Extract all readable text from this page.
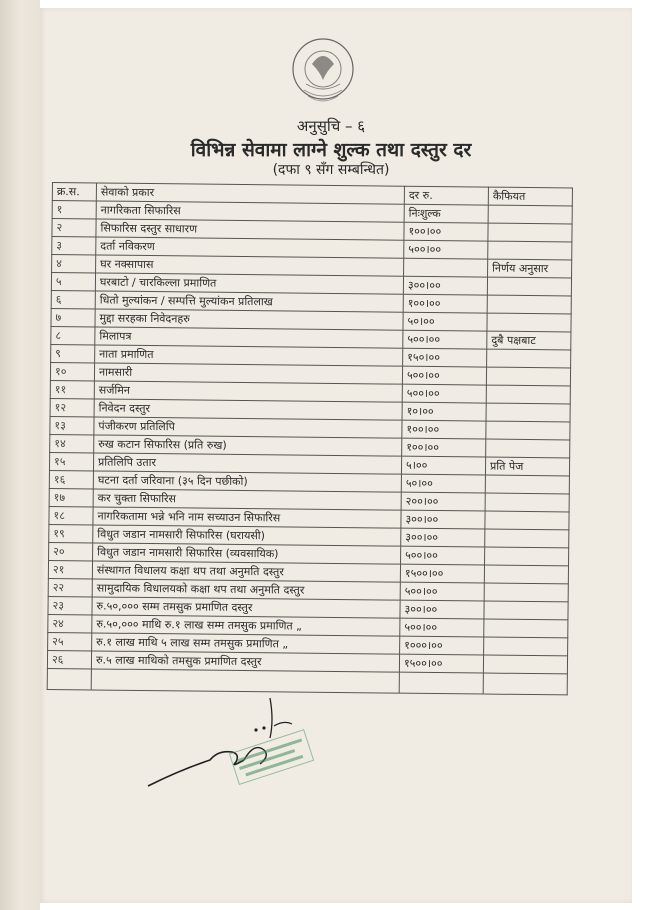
अनुसुचि – ६
विभिन्न सेवामा लाग्ने शुल्क तथा दस्तुर दर
(दफा ९ सँग सम्बन्धित)
क्र.स.	सेवाको प्रकार	दर रु.	कैफियत
१	नागरिकता सिफारिस	निःशुल्क	
२	सिफारिस दस्तुर साधारण	१००।००	
३	दर्ता नविकरण	५००।००	
४	घर नक्सापास		निर्णय अनुसार
५	घरबाटो / चारकिल्ला प्रमाणित	३००।००	
६	धितो मुल्यांकन / सम्पत्ति मुल्यांकन प्रतिलाख	१००।००	
७	मुद्दा सरहका निवेदनहरु	५०।००	
८	मिलापत्र	५००।००	दुबै पक्षबाट
९	नाता प्रमाणित	१५०।००	
१०	नामसारी	५००।००	
११	सर्जमिन	५००।००	
१२	निवेदन दस्तुर	१०।००	
१३	पंजीकरण प्रतिलिपि	१००।००	
१४	रुख कटान सिफारिस (प्रति रुख)	१००।००	
१५	प्रतिलिपि उतार	५।००	प्रति पेज
१६	घटना दर्ता जरिवाना (३५ दिन पछीको)	५०।००	
१७	कर चुक्ता सिफारिस	२००।००	
१८	नागरिकतामा भन्ने भनि नाम सच्याउन सिफारिस	३००।००	
१९	विधुत जडान नामसारी सिफारिस (घरायसी)	३००।००	
२०	विधुत जडान नामसारी सिफारिस (व्यवसायिक)	५००।००	
२१	संस्थागत विधालय कक्षा थप तथा अनुमति दस्तुर	१५००।००	
२२	सामुदायिक विधालयको कक्षा थप तथा अनुमति दस्तुर	५००।००	
२३	रु.५०,००० सम्म तमसुक प्रमाणित दस्तुर	३००।००	
२४	रु.५०,००० माथि रु.१ लाख सम्म तमसुक प्रमाणित „	५००।००	
२५	रु.१ लाख माथि ५ लाख सम्म तमसुक प्रमाणित „	१०००।००	
२६	रु.५ लाख माथिको तमसुक प्रमाणित दस्तुर	१५००।००	
